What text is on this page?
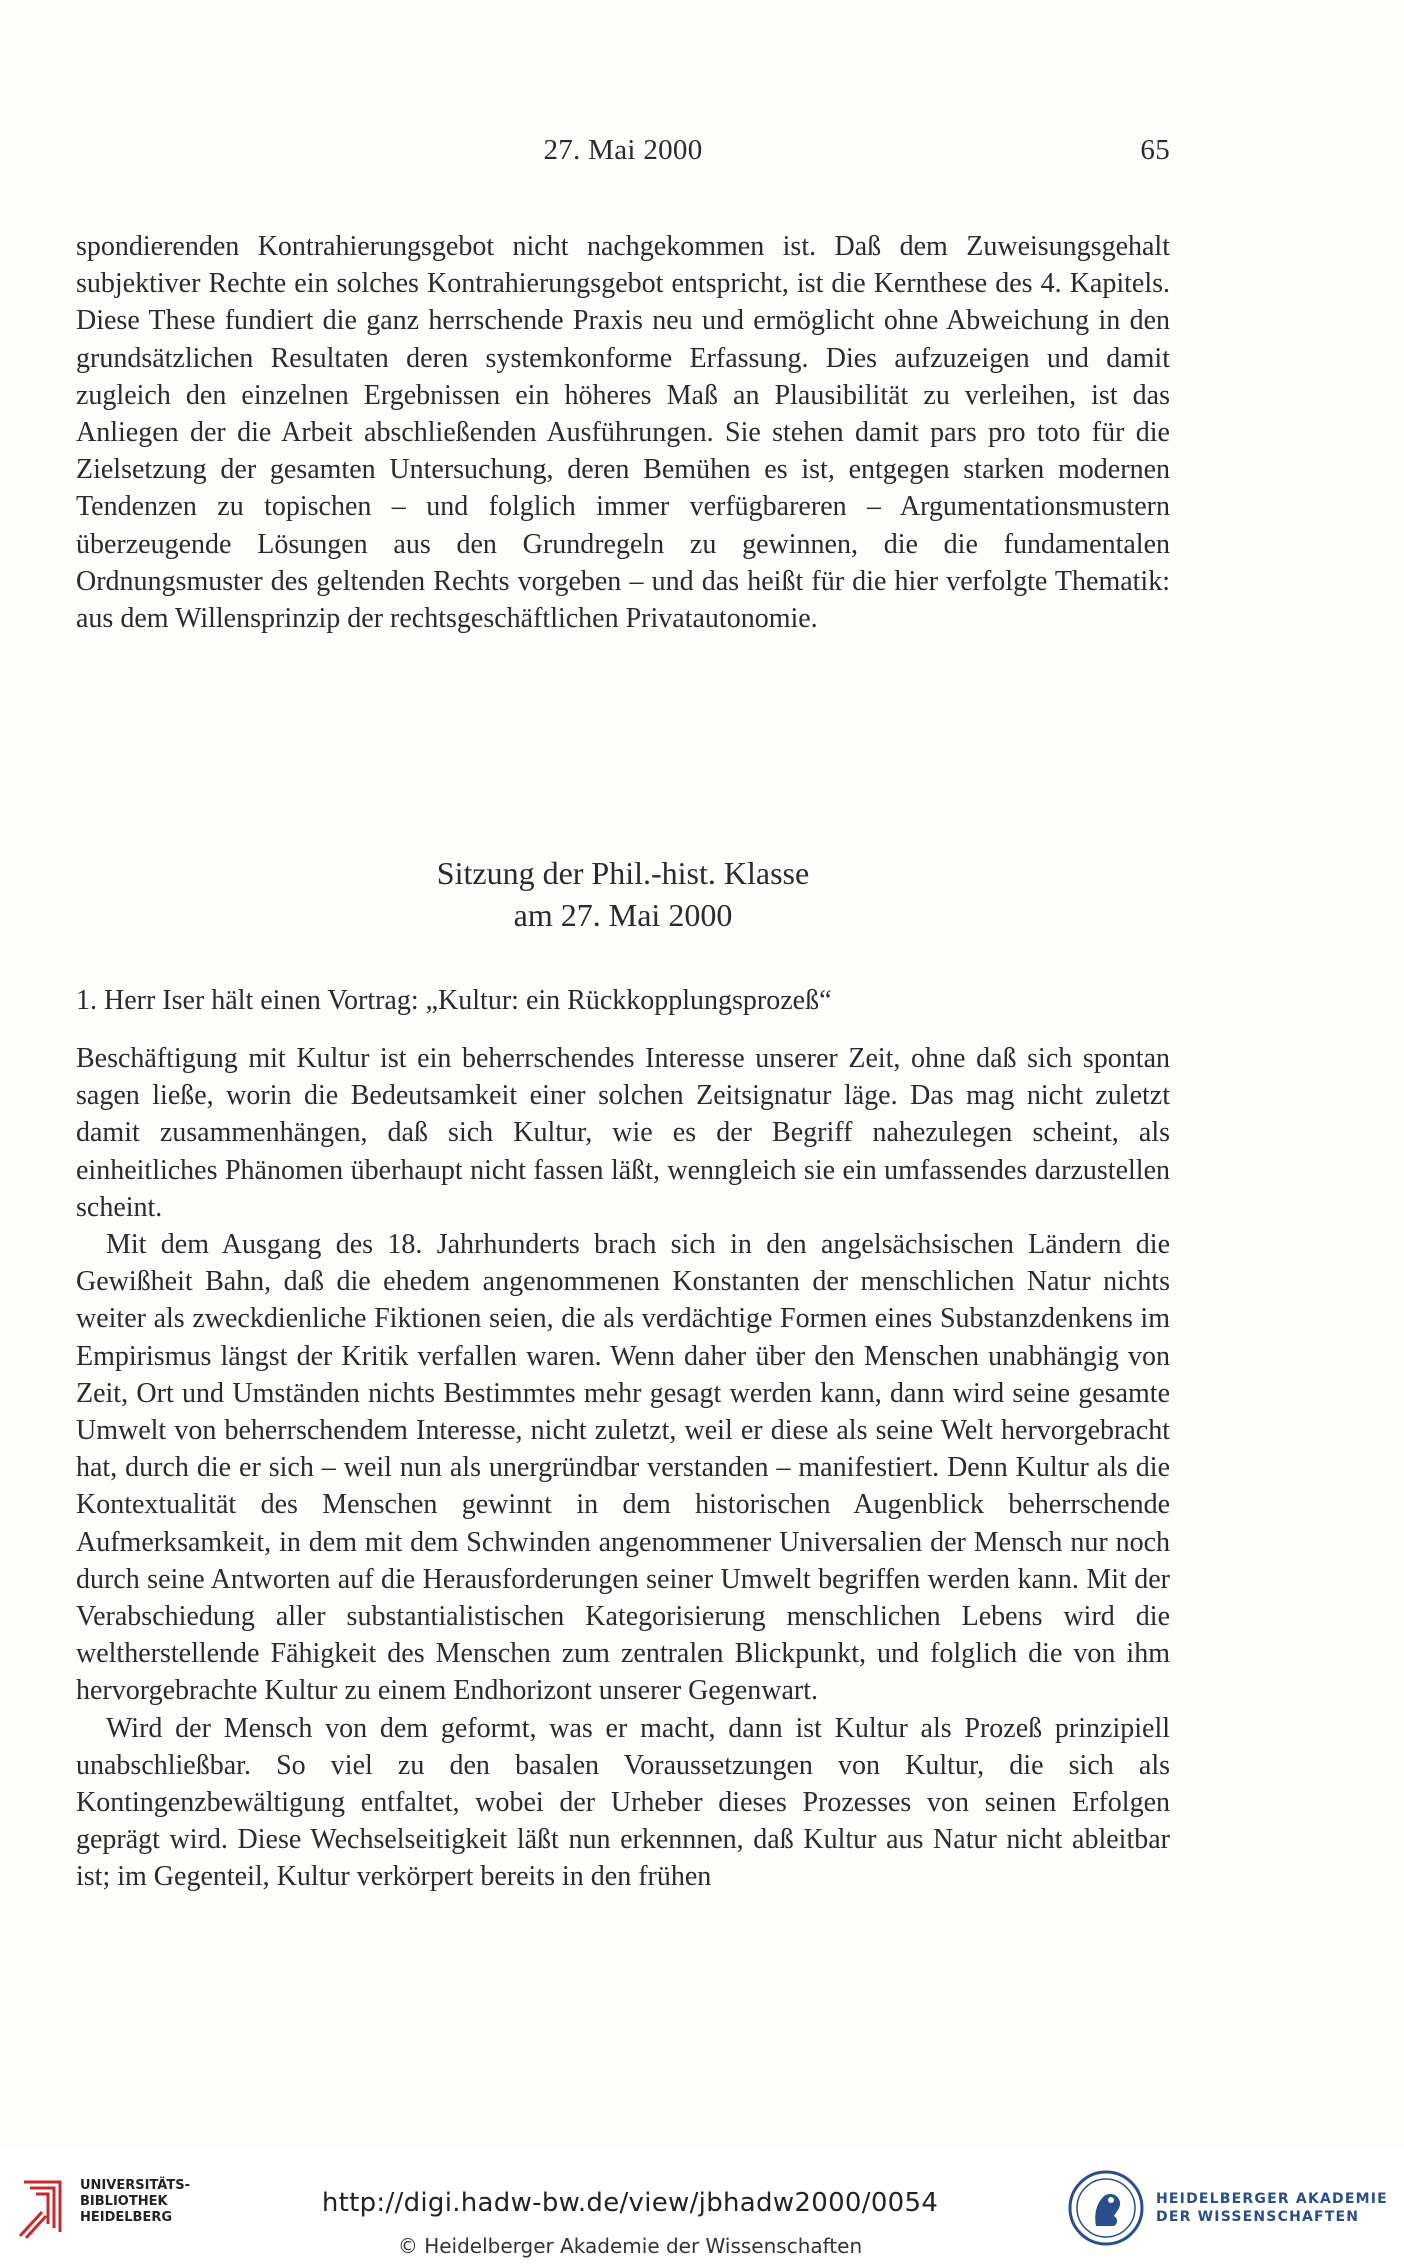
27. Mai 2000	65

spondierenden Kontrahierungsgebot nicht nachgekommen ist. Daß dem Zuweisungsgehalt subjektiver Rechte ein solches Kontrahierungsgebot entspricht, ist die Kernthese des 4. Kapitels. Diese These fundiert die ganz herrschende Praxis neu und ermöglicht ohne Abweichung in den grundsätzlichen Resultaten deren systemkonforme Erfassung. Dies aufzuzeigen und damit zugleich den einzelnen Ergebnissen ein höheres Maß an Plausibilität zu verleihen, ist das Anliegen der die Arbeit abschließenden Ausführungen. Sie stehen damit pars pro toto für die Zielsetzung der gesamten Untersuchung, deren Bemühen es ist, entgegen starken modernen Tendenzen zu topischen – und folglich immer verfügbareren – Argumentationsmustern überzeugende Lösungen aus den Grundregeln zu gewinnen, die die fundamentalen Ordnungsmuster des geltenden Rechts vorgeben – und das heißt für die hier verfolgte Thematik: aus dem Willensprinzip der rechtsgeschäftlichen Privatautonomie.

Sitzung der Phil.-hist. Klasse
am 27. Mai 2000
1. Herr Iser hält einen Vortrag: „Kultur: ein Rückkopplungsprozeß“

Beschäftigung mit Kultur ist ein beherrschendes Interesse unserer Zeit, ohne daß sich spontan sagen ließe, worin die Bedeutsamkeit einer solchen Zeitsignatur läge. Das mag nicht zuletzt damit zusammenhängen, daß sich Kultur, wie es der Begriff nahezulegen scheint, als einheitliches Phänomen überhaupt nicht fassen läßt, wenngleich sie ein umfassendes darzustellen scheint.

Mit dem Ausgang des 18. Jahrhunderts brach sich in den angelsächsischen Ländern die Gewißheit Bahn, daß die ehedem angenommenen Konstanten der menschlichen Natur nichts weiter als zweckdienliche Fiktionen seien, die als verdächtige Formen eines Substanzdenkens im Empirismus längst der Kritik verfallen waren. Wenn daher über den Menschen unabhängig von Zeit, Ort und Umständen nichts Bestimmtes mehr gesagt werden kann, dann wird seine gesamte Umwelt von beherrschendem Interesse, nicht zuletzt, weil er diese als seine Welt hervorgebracht hat, durch die er sich – weil nun als unergründbar verstanden – manifestiert. Denn Kultur als die Kontextualität des Menschen gewinnt in dem historischen Augenblick beherrschende Aufmerksamkeit, in dem mit dem Schwinden angenommener Universalien der Mensch nur noch durch seine Antworten auf die Herausforderungen seiner Umwelt begriffen werden kann. Mit der Verabschiedung aller substantialistischen Kategorisierung menschlichen Lebens wird die weltherstellende Fähigkeit des Menschen zum zentralen Blickpunkt, und folglich die von ihm hervorgebrachte Kultur zu einem Endhorizont unserer Gegenwart.

Wird der Mensch von dem geformt, was er macht, dann ist Kultur als Prozeß prinzipiell unabschließbar. So viel zu den basalen Voraussetzungen von Kultur, die sich als Kontingenzbewältigung entfaltet, wobei der Urheber dieses Prozesses von seinen Erfolgen geprägt wird. Diese Wechselseitigkeit läßt nun erkennnen, daß Kultur aus Natur nicht ableitbar ist; im Gegenteil, Kultur verkörpert bereits in den frühen

UNIVERSITÄTS-
BIBLIOTHEK
HEIDELBERG	http://digi.hadw-bw.de/view/jbhadw2000/0054
© Heidelberger Akademie der Wissenschaften
HEIDELBERGER AKADEMIE
DER WISSENSCHAFTEN
